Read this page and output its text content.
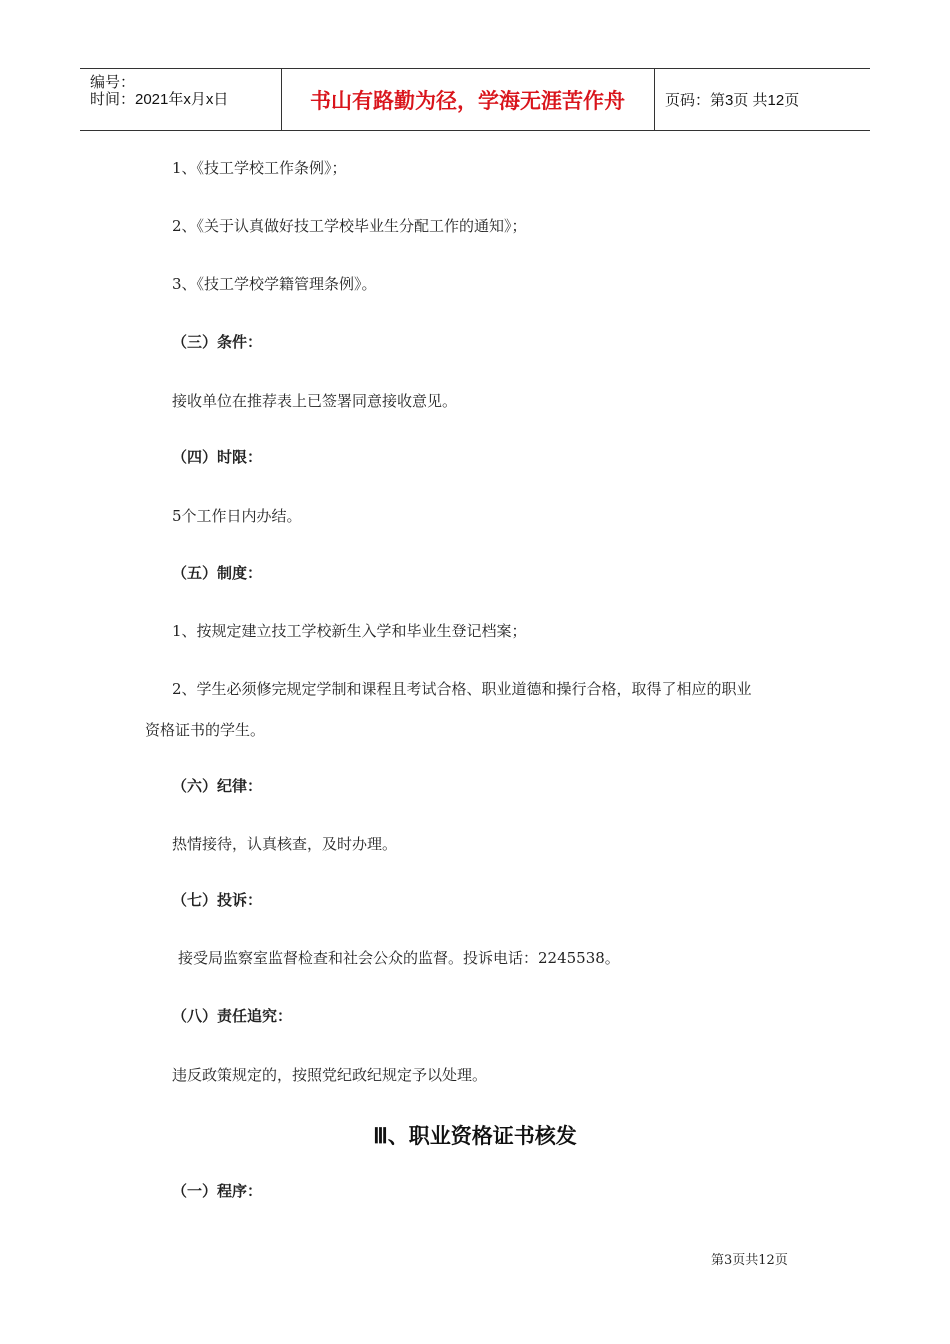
编号：
时间：2021年x月x日	书山有路勤为径，学海无涯苦作舟	页码：第3页 共12页
1、《技工学校工作条例》；
2、《关于认真做好技工学校毕业生分配工作的通知》；
3、《技工学校学籍管理条例》。
（三）条件：
接收单位在推荐表上已签署同意接收意见。
（四）时限：
5个工作日内办结。
（五）制度：
1、按规定建立技工学校新生入学和毕业生登记档案；
2、学生必须修完规定学制和课程且考试合格、职业道德和操行合格，取得了相应的职业
资格证书的学生。
（六）纪律：
热情接待，认真核查，及时办理。
（七）投诉：
接受局监察室监督检查和社会公众的监督。投诉电话：2245538。
（八）责任追究：
违反政策规定的，按照党纪政纪规定予以处理。
Ⅲ、职业资格证书核发
（一）程序：
第3页共12页
